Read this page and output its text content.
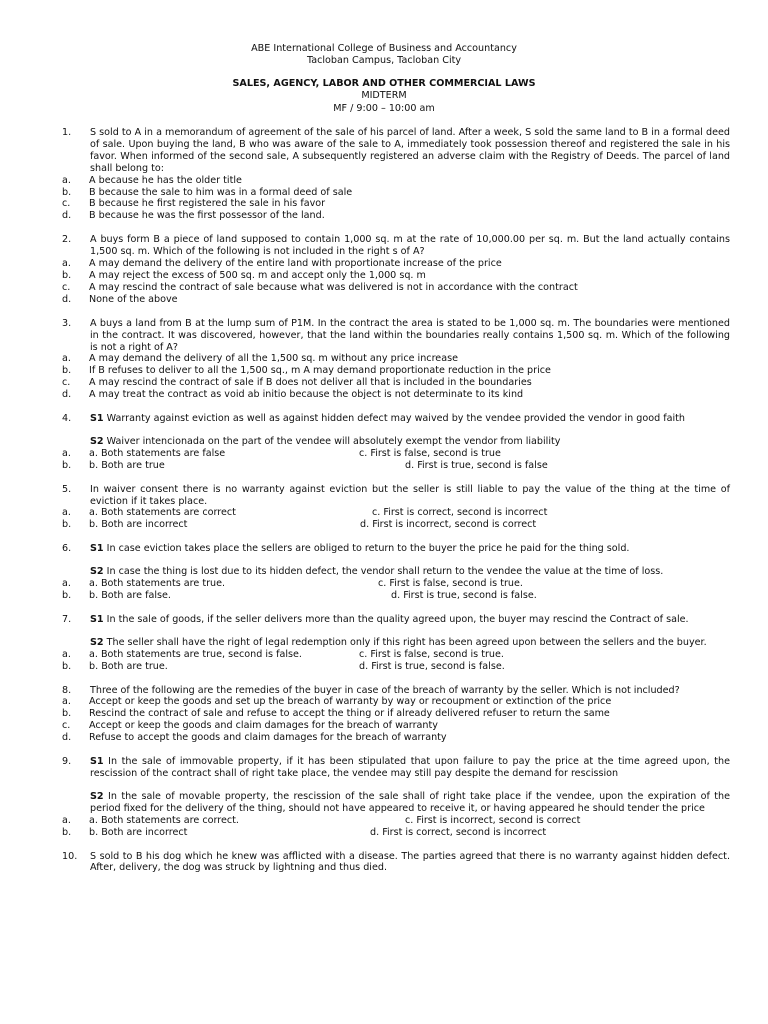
ABE International College of Business and Accountancy
Tacloban Campus, Tacloban City
SALES, AGENCY, LABOR AND OTHER COMMERCIAL LAWS
MIDTERM
MF / 9:00 – 10:00 am
1.	S sold to A in a memorandum of agreement of the sale of his parcel of land. After a week, S sold the same land to B in a formal deed of sale. Upon buying the land, B who was aware of the sale to A, immediately took possession thereof and registered the sale in his favor. When informed of the second sale, A subsequently registered an adverse claim with the Registry of Deeds. The parcel of land shall belong to:
a.	A because he has the older title
b.	B because the sale to him was in a formal deed of sale
c.	B because he first registered the sale in his favor
d.	B because he was the first possessor of the land.
2.	A buys form B a piece of land supposed to contain 1,000 sq. m at the rate of 10,000.00 per sq. m. But the land actually contains 1,500 sq. m. Which of the following is not included in the right s of A?
a.	A may demand the delivery of the entire land with proportionate increase of the price
b.	A may reject the excess of 500 sq. m and accept only the 1,000 sq. m
c.	A may rescind the contract of sale because what was delivered is not in accordance with the contract
d.	None of the above
3.	A buys a land from B at the lump sum of P1M. In the contract the area is stated to be 1,000 sq. m. The boundaries were mentioned in the contract. It was discovered, however, that the land within the boundaries really contains 1,500 sq. m. Which of the following is not a right of A?
a.	A may demand the delivery of all the 1,500 sq. m without any price increase
b.	If B refuses to deliver to all the 1,500 sq., m A may demand proportionate reduction in the price
c.	A may rescind the contract of sale if B does not deliver all that is included in the boundaries
d.	A may treat the contract as void ab initio because the object is not determinate to its kind
4.	S1 Warranty against eviction as well as against hidden defect may waived by the vendee provided the vendor in good faith
S2 Waiver intencionada on the part of the vendee will absolutely exempt the vendor from liability
a.	a. Both statements are false	c. First is false, second is true
b.	b. Both are true	d. First is true, second is false
5.	In waiver consent there is no warranty against eviction but the seller is still liable to pay the value of the thing at the time of eviction if it takes place.
a.	a. Both statements are correct	c. First is correct, second is incorrect
b.	b. Both are incorrect	d. First is incorrect, second is correct
6.	S1 In case eviction takes place the sellers are obliged to return to the buyer the price he paid for the thing sold.
S2 In case the thing is lost due to its hidden defect, the vendor shall return to the vendee the value at the time of loss.
a.	a. Both statements are true.	c. First is false, second is true.
b.	b. Both are false.	d. First is true, second is false.
7.	S1 In the sale of goods, if the seller delivers more than the quality agreed upon, the buyer may rescind the Contract of sale.
S2 The seller shall have the right of legal redemption only if this right has been agreed upon between the sellers and the buyer.
a.	a. Both statements are true, second is false.	c. First is false, second is true.
b.	b. Both are true.	d. First is true, second is false.
8.	Three of the following are the remedies of the buyer in case of the breach of warranty by the seller. Which is not included?
a.	Accept or keep the goods and set up the breach of warranty by way or recoupment or extinction of the price
b.	Rescind the contract of sale and refuse to accept the thing or if already delivered refuser to return the same
c.	Accept or keep the goods and claim damages for the breach of warranty
d.	Refuse to accept the goods and claim damages for the breach of warranty
9.	S1 In the sale of immovable property, if it has been stipulated that upon failure to pay the price at the time agreed upon, the rescission of the contract shall of right take place, the vendee may still pay despite the demand for rescission
S2 In the sale of movable property, the rescission of the sale shall of right take place if the vendee, upon the expiration of the period fixed for the delivery of the thing, should not have appeared to receive it, or having appeared he should tender the price
a.	a. Both statements are correct.	c. First is incorrect, second is correct
b.	b. Both are incorrect	d. First is correct, second is incorrect
10.	S sold to B his dog which he knew was afflicted with a disease. The parties agreed that there is no warranty against hidden defect. After, delivery, the dog was struck by lightning and thus died.
